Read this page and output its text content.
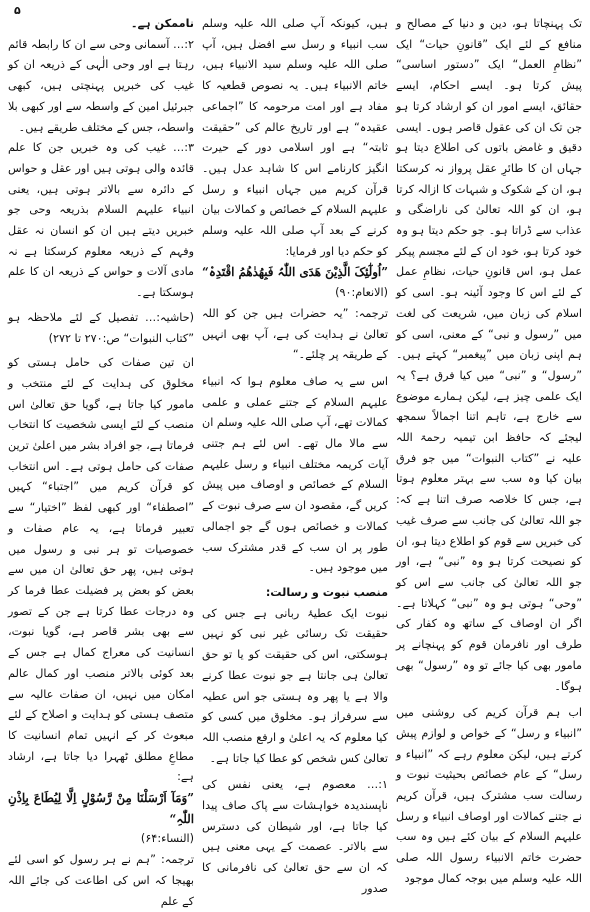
۵

تک پہنچاتا ہو، دین و دنیا کے مصالح و منافع کے لئے ایک ”قانونِ حیات“ ایک ”نظامِ العمل“ ایک ”دستور اساسی“ پیش کرتا ہو۔ ایسے احکام، ایسے حقائق، ایسے امور ان کو ارشاد کرتا ہو جن تک ان کی عقول قاصر ہوں۔ ایسی دقیق و غامض باتوں کی اطلاع دیتا ہو جہاں ان کا طائرِ عقل پرواز نہ کرسکتا ہو، ان کے شکوک و شبہات کا ازالہ کرتا ہو، ان کو اللہ تعالیٰ کی ناراضگی و عذاب سے ڈراتا ہو۔ جو حکم دیتا ہو وہ خود کرتا ہو، خود ان کے لئے مجسم پیکر عمل ہو، اس قانونِ حیات، نظامِ عمل کے لئے اس کا وجود آئینہ ہو۔ اسی کو اسلام کی زبان میں، شریعت کی لغت میں ”رسول و نبی“ کے معنی، اسی کو ہم اپنی زبان میں ”پیغمبر“ کہتے ہیں۔ ”رسول“ و ”نبی“ میں کیا فرق ہے؟ یہ ایک علمی چیز ہے، لیکن ہمارے موضوع سے خارج ہے، تاہم اتنا اجمالاً سمجھ لیجئے کہ حافظ ابن تیمیہ رحمۃ اللہ علیہ نے ”کتاب النبوات“ میں جو فرق بیان کیا وہ سب سے بہتر معلوم ہوتا ہے، جس کا خلاصہ صرف اتنا ہے کہ: جو اللہ تعالیٰ کی جانب سے صرف غیب کی خبریں سے قوم کو اطلاع دیتا ہو، ان کو نصیحت کرتا ہو وہ ”نبی“ ہے، اور جو اللہ تعالیٰ کی جانب سے اس کو ”وحی“ ہوتی ہو وہ ”نبی“ کہلاتا ہے۔ اگر ان اوصاف کے ساتھ وہ کفار کی طرف اور نافرمان قوم کو پہنچانے پر مامور بھی کیا جائے تو وہ ”رسول“ بھی ہوگا۔

اب ہم قرآن کریم کی روشنی میں ”انبیاء و رسل“ کے خواص و لوازم پیش کرتے ہیں، لیکن معلوم رہے کہ ”انبیاء و رسل“ کے عام خصائص بحیثیت نبوت و رسالت سب مشترک ہیں، قرآن کریم نے جتنے کمالات اور اوصاف انبیاء و رسل علیہم السلام کے بیان کئے ہیں وہ سب حضرت خاتم الانبیاء رسول اللہ صلی اللہ علیہ وسلم میں بوجہ کمال موجود

ہیں، کیونکہ آپ صلی اللہ علیہ وسلم سب انبیاء و رسل سے افضل ہیں، آپ صلی اللہ علیہ وسلم سید الانبیاء ہیں، خاتم الانبیاء ہیں۔ یہ نصوص قطعیہ کا مفاد ہے اور امت مرحومہ کا ”اجماعی عقیدہ“ ہے اور تاریخ عالم کی ”حقیقت ثابتہ“ ہے اور اسلامی دور کے حیرت انگیز کارنامے اس کا شاہد عدل ہیں۔ قرآن کریم میں جہاں انبیاء و رسل علیہم السلام کے خصائص و کمالات بیان کرنے کے بعد آپ صلی اللہ علیہ وسلم کو حکم دیا اور فرمایا:

”اُولٰٓئِکَ الَّذِیْنَ ھَدَی اللّٰہُ فَبِھُدٰھُمُ اقْتَدِہْ“

(الانعام:۹۰)

ترجمہ: ”یہ حضرات ہیں جن کو اللہ تعالیٰ نے ہدایت کی ہے، آپ بھی انہیں کے طریقہ پر چلئے۔“

اس سے یہ صاف معلوم ہوا کہ انبیاء علیہم السلام کے جتنے عملی و علمی کمالات تھے، آپ صلی اللہ علیہ وسلم ان سے مالا مال تھے۔ اس لئے ہم جتنی آیات کریمہ مختلف انبیاء و رسل علیہم السلام کے خصائص و اوصاف میں پیش کریں گے، مقصود ان سے صرف نبوت کے کمالات و خصائص ہوں گے جو اجمالی طور پر ان سب کے قدر مشترک سب میں موجود ہیں۔

منصب نبوت و رسالت:

نبوت ایک عطیۂ ربانی ہے جس کی حقیقت تک رسائی غیر نبی کو نہیں ہوسکتی، اس کی حقیقت کو یا تو حق تعالیٰ ہی جانتا ہے جو نبوت عطا کرنے والا ہے یا پھر وہ ہستی جو اس عطیہ سے سرفراز ہو۔ مخلوق میں کسی کو کیا معلوم کہ یہ اعلیٰ و ارفع منصب اللہ تعالیٰ کس شخص کو عطا کیا جاتا ہے۔

۱:… معصوم ہے، یعنی نفس کی ناپسندیدہ خواہشات سے پاک صاف پیدا کیا جاتا ہے، اور شیطان کی دسترس سے بالاتر۔ عصمت کے یہی معنی ہیں کہ ان سے حق تعالیٰ کی نافرمانی کا صدور

ناممکن ہے۔

۲:… آسمانی وحی سے ان کا رابطہ قائم رہتا ہے اور وحی الٰہی کے ذریعہ ان کو غیب کی خبریں پہنچتی ہیں، کبھی جبرئیل امین کے واسطہ سے اور کبھی بلا واسطہ، جس کے مختلف طریقے ہیں۔

۳:… غیب کی وہ خبریں جن کا علم قائدہ والی ہوتی ہیں اور عقل و حواس کے دائرہ سے بالاتر ہوتی ہیں، یعنی انبیاء علیہم السلام بذریعہ وحی جو خبریں دیتے ہیں ان کو انسان نہ عقل وفہم کے ذریعہ معلوم کرسکتا ہے نہ مادی آلات و حواس کے ذریعہ ان کا علم ہوسکتا ہے۔

(حاشیہ:… تفصیل کے لئے ملاحظہ ہو ”کتاب النبوات“ ص:۲۷۰ تا ۲۷۲)

ان تین صفات کی حامل ہستی کو مخلوق کی ہدایت کے لئے منتخب و مامور کیا جاتا ہے، گویا حق تعالیٰ اس منصب کے لئے ایسی شخصیت کا انتخاب فرماتا ہے، جو افراد بشر میں اعلیٰ ترین صفات کی حامل ہوتی ہے۔ اس انتخاب کو قرآن کریم میں ”اجتباء“ کہیں ”اصطفاء“ اور کبھی لفظ ”اختیار“ سے تعبیر فرماتا ہے، یہ عام صفات و خصوصیات تو ہر نبی و رسول میں ہوتی ہیں، پھر حق تعالیٰ ان میں سے بعض کو بعض پر فضیلت عطا فرما کر وہ درجات عطا کرتا ہے جن کے تصور سے بھی بشر قاصر ہے، گویا نبوت، انسانیت کی معراج کمال ہے جس کے بعد کوئی بالاتر منصب اور کمال عالم امکان میں نہیں، ان صفات عالیہ سے متصف ہستی کو ہدایت و اصلاح کے لئے مبعوث کر کے انہیں تمام انسانیت کا مطاعِ مطلق ٹھہرا دیا جاتا ہے، ارشاد ہے:

”وَمَآ اَرْسَلْنَا مِنْ رَّسُوْلٍ اِلَّا لِیُطَاعَ بِاِذْنِ اللّٰہِ“

(النساء:۶۴)

ترجمہ: ”ہم نے ہر رسول کو اسی لئے بھیجا کہ اس کی اطاعت کی جائے اللہ کے علم
